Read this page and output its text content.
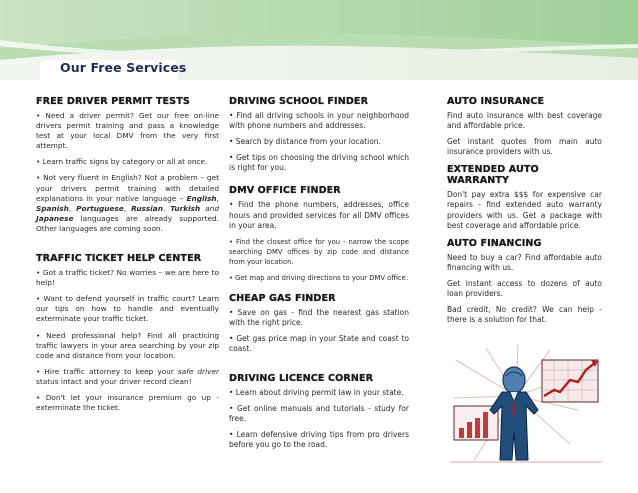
Our Free Services
FREE DRIVER PERMIT TESTS

• Need a driver permit? Get our free on-line drivers permit training and pass a knowledge test at your local DMV from the very first attempt.

• Learn traffic signs by category or all at once.

• Not very fluent in English? Not a problem – get your drivers permit training with detailed explanations in your native language – English, Spanish, Portuguese, Russian, Turkish and Japanese languages are already supported. Other languages are coming soon.

TRAFFIC TICKET HELP CENTER

• Got a traffic ticket? No worries – we are here to help!

• Want to defend yourself in traffic court? Learn our tips on how to handle and eventually exterminate your traffic ticket.

• Need professional help? Find all practicing traffic lawyers in your area searching by your zip code and distance from your location.

• Hire traffic attorney to keep your safe driver status intact and your driver record clean!

• Don't let your insurance premium go up - exterminate the ticket.

DRIVING SCHOOL FINDER

• Find all driving schools in your neighborhood with phone numbers and addresses.

• Search by distance from your location.

• Get tips on choosing the driving school which is right for you.

DMV OFFICE FINDER

• Find the phone numbers, addresses, office hours and provided services for all DMV offices in your area.

• Find the closest office for you - narrow the scope searching DMV offices by zip code and distance from your location.

• Get map and driving directions to your DMV office.

CHEAP GAS FINDER

• Save on gas - find the nearest gas station with the right price.

• Get gas price map in your State and coast to coast.

DRIVING LICENCE CORNER

• Learn about driving permit law in your state.

• Get online manuals and tutorials - study for free.

• Learn defensive driving tips from pro drivers before you go to the road.

AUTO INSURANCE

Find auto insurance with best coverage and affordable price.

Get instant quotes from main auto insurance providers with us.

EXTENDED AUTO WARRANTY

Don't pay extra $$$ for expensive car repairs - find extended auto warranty providers with us. Get a package with best coverage and affordable price.

AUTO FINANCING

Need to buy a car? Find affordable auto financing with us.

Get instant access to dozens of auto loan providers.

Bad credit, No credit? We can help - there is a solution for that.
